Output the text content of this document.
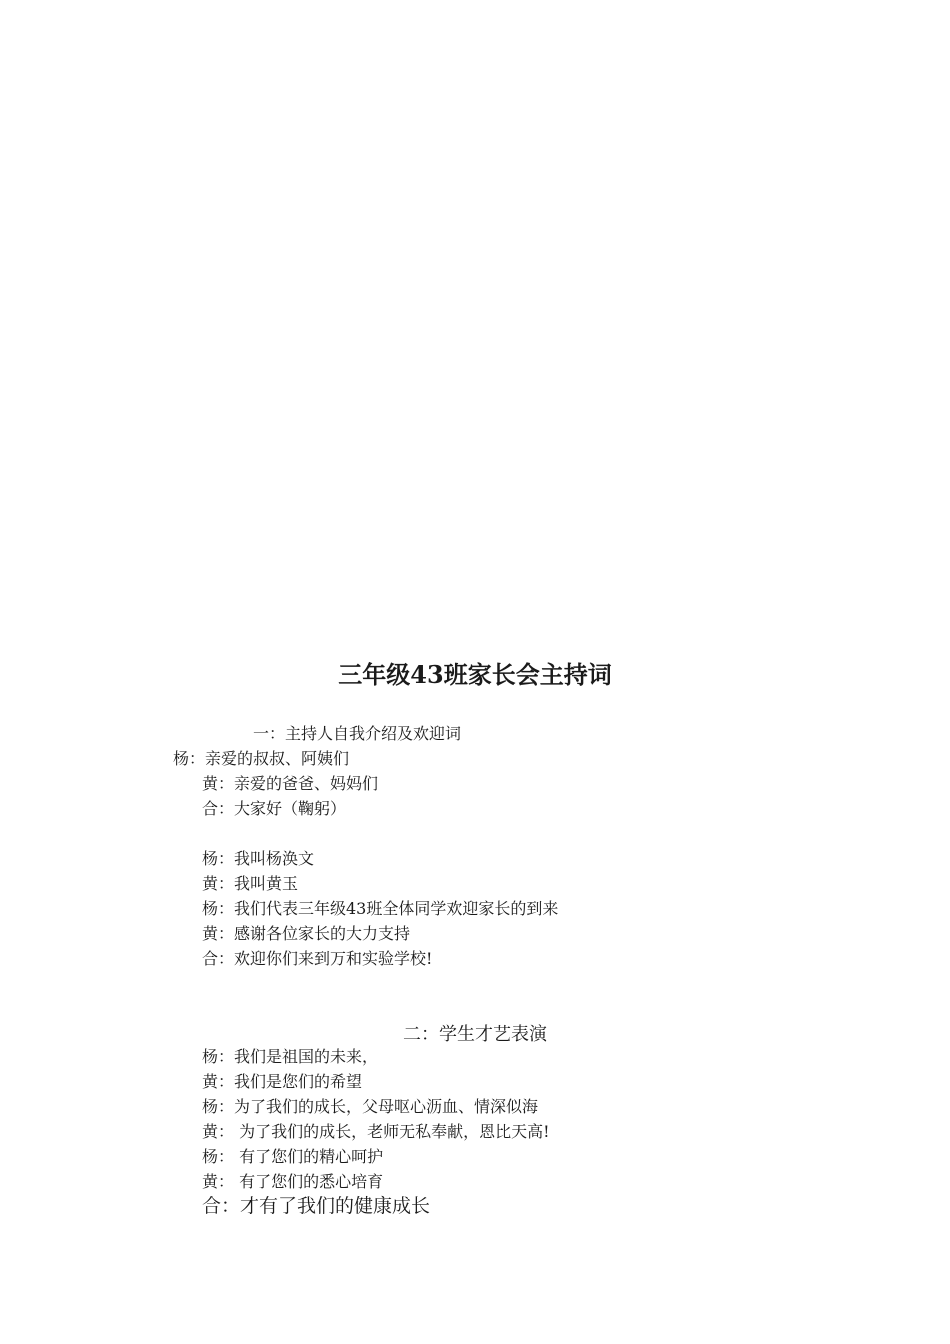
三年级43班家长会主持词
一：主持人自我介绍及欢迎词
杨：亲爱的叔叔、阿姨们
黄：亲爱的爸爸、妈妈们
合：大家好（鞠躬）
杨：我叫杨涣文
黄：我叫黄玉
杨：我们代表三年级43班全体同学欢迎家长的到来
黄：感谢各位家长的大力支持
合：欢迎你们来到万和实验学校!
二：学生才艺表演
杨：我们是祖国的未来，
黄：我们是您们的希望
杨：为了我们的成长，父母呕心沥血、情深似海
黄： 为了我们的成长，老师无私奉献，恩比天高!
杨： 有了您们的精心呵护
黄： 有了您们的悉心培育
合：才有了我们的健康成长
